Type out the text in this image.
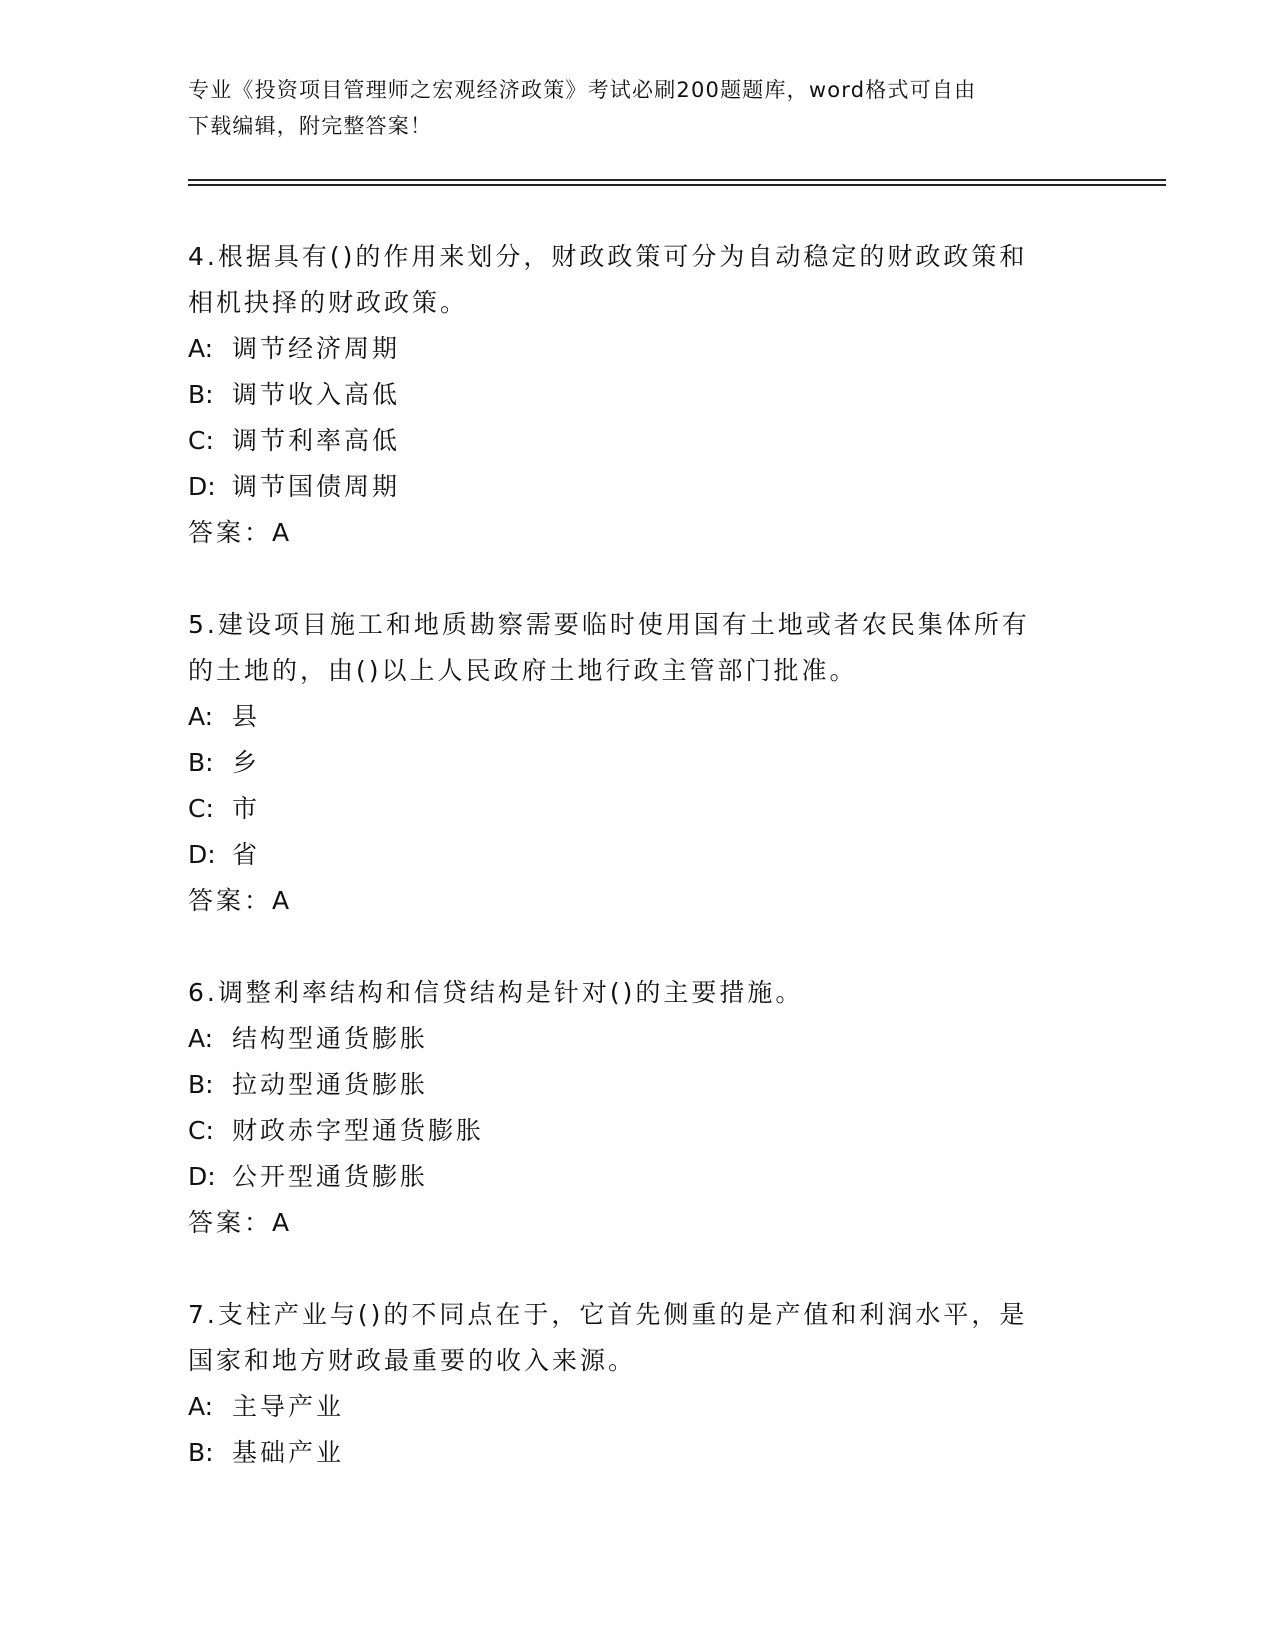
专业《投资项目管理师之宏观经济政策》考试必刷200题题库，word格式可自由
下载编辑，附完整答案！
4.根据具有()的作用来划分，财政政策可分为自动稳定的财政政策和
相机抉择的财政政策。
A: 调节经济周期
B: 调节收入高低
C: 调节利率高低
D: 调节国债周期
答案：A
5.建设项目施工和地质勘察需要临时使用国有土地或者农民集体所有
的土地的，由()以上人民政府土地行政主管部门批准。
A: 县
B: 乡
C: 市
D: 省
答案：A
6.调整利率结构和信贷结构是针对()的主要措施。
A: 结构型通货膨胀
B: 拉动型通货膨胀
C: 财政赤字型通货膨胀
D: 公开型通货膨胀
答案：A
7.支柱产业与()的不同点在于，它首先侧重的是产值和利润水平，是
国家和地方财政最重要的收入来源。
A: 主导产业
B: 基础产业
